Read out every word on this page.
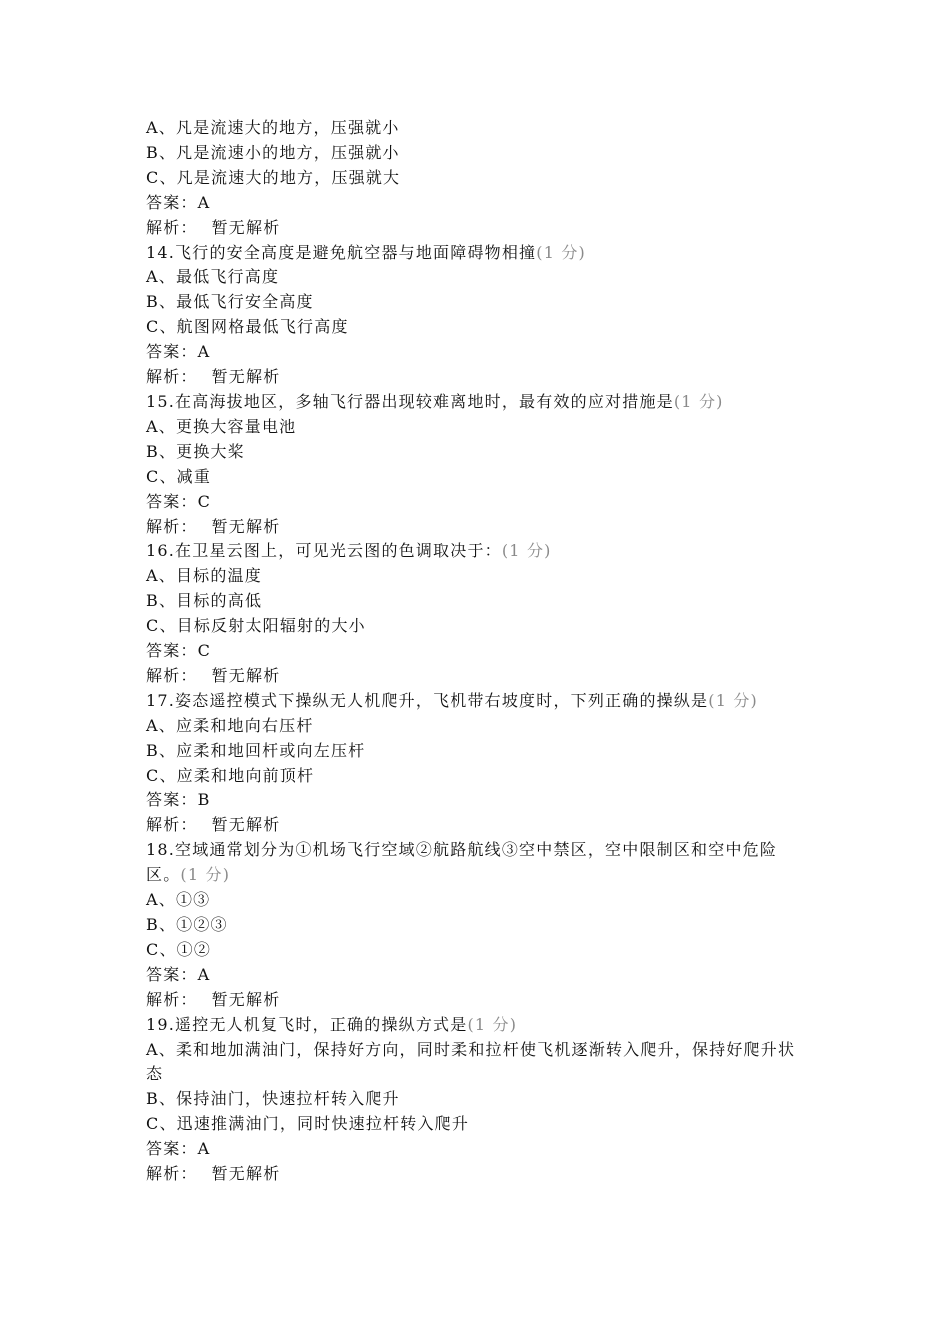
A、凡是流速大的地方，压强就小
B、凡是流速小的地方，压强就小
C、凡是流速大的地方，压强就大
答案：A
解析： 暂无解析
14.飞行的安全高度是避免航空器与地面障碍物相撞(1 分)
A、最低飞行高度
B、最低飞行安全高度
C、航图网格最低飞行高度
答案：A
解析： 暂无解析
15.在高海拔地区，多轴飞行器出现较难离地时，最有效的应对措施是(1 分)
A、更换大容量电池
B、更换大桨
C、减重
答案：C
解析： 暂无解析
16.在卫星云图上，可见光云图的色调取决于：(1 分)
A、目标的温度
B、目标的高低
C、目标反射太阳辐射的大小
答案：C
解析： 暂无解析
17.姿态遥控模式下操纵无人机爬升，飞机带右坡度时，下列正确的操纵是(1 分)
A、应柔和地向右压杆
B、应柔和地回杆或向左压杆
C、应柔和地向前顶杆
答案：B
解析： 暂无解析
18.空域通常划分为①机场飞行空域②航路航线③空中禁区，空中限制区和空中危险区。(1 分)
A、①③
B、①②③
C、①②
答案：A
解析： 暂无解析
19.遥控无人机复飞时，正确的操纵方式是(1 分)
A、柔和地加满油门，保持好方向，同时柔和拉杆使飞机逐渐转入爬升，保持好爬升状态
B、保持油门，快速拉杆转入爬升
C、迅速推满油门，同时快速拉杆转入爬升
答案：A
解析： 暂无解析
